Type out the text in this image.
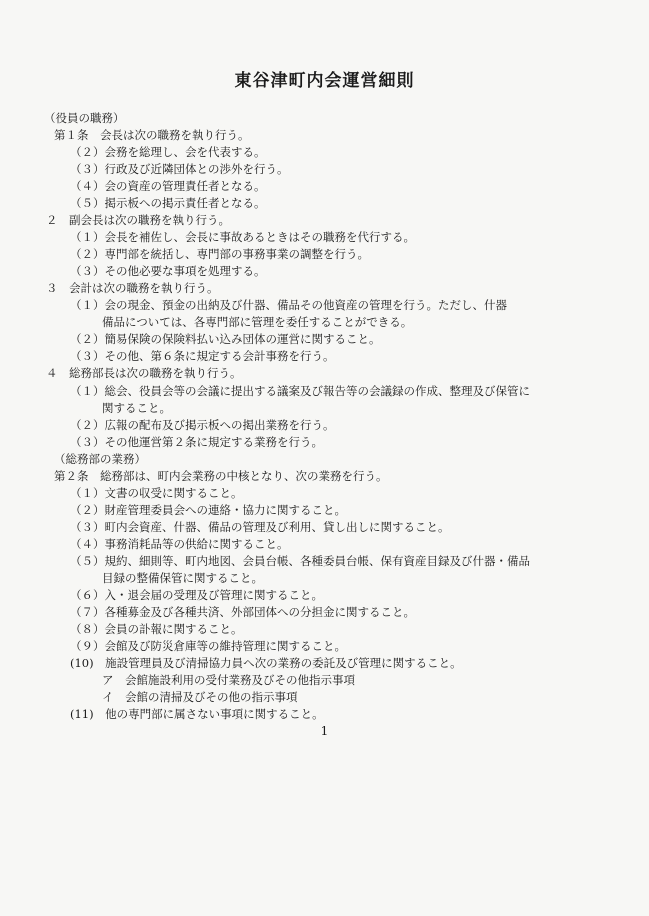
東谷津町内会運営細則
（役員の職務）
第１条　会長は次の職務を執り行う。
（２）会務を総理し、会を代表する。
（３）行政及び近隣団体との渉外を行う。
（４）会の資産の管理責任者となる。
（５）掲示板への掲示責任者となる。
２　副会長は次の職務を執り行う。
（１）会長を補佐し、会長に事故あるときはその職務を代行する。
（２）専門部を統括し、専門部の事務事業の調整を行う。
（３）その他必要な事項を処理する。
３　会計は次の職務を執り行う。
（１）会の現金、預金の出納及び什器、備品その他資産の管理を行う。ただし、什器
備品については、各専門部に管理を委任することができる。
（２）簡易保険の保険料払い込み団体の運営に関すること。
（３）その他、第６条に規定する会計事務を行う。
４　総務部長は次の職務を執り行う。
（１）総会、役員会等の会議に提出する議案及び報告等の会議録の作成、整理及び保管に
関すること。
（２）広報の配布及び掲示板への掲出業務を行う。
（３）その他運営第２条に規定する業務を行う。
（総務部の業務）
第２条　総務部は、町内会業務の中核となり、次の業務を行う。
（１）文書の収受に関すること。
（２）財産管理委員会への連絡・協力に関すること。
（３）町内会資産、什器、備品の管理及び利用、貸し出しに関すること。
（４）事務消耗品等の供給に関すること。
（５）規約、細則等、町内地図、会員台帳、各種委員台帳、保有資産目録及び什器・備品
目録の整備保管に関すること。
（６）入・退会届の受理及び管理に関すること。
（７）各種募金及び各種共済、外部団体への分担金に関すること。
（８）会員の訃報に関すること。
（９）会館及び防災倉庫等の維持管理に関すること。
(10)　施設管理員及び清掃協力員へ次の業務の委託及び管理に関すること。
ア　会館施設利用の受付業務及びその他指示事項
イ　会館の清掃及びその他の指示事項
(11)　他の専門部に属さない事項に関すること。
1
